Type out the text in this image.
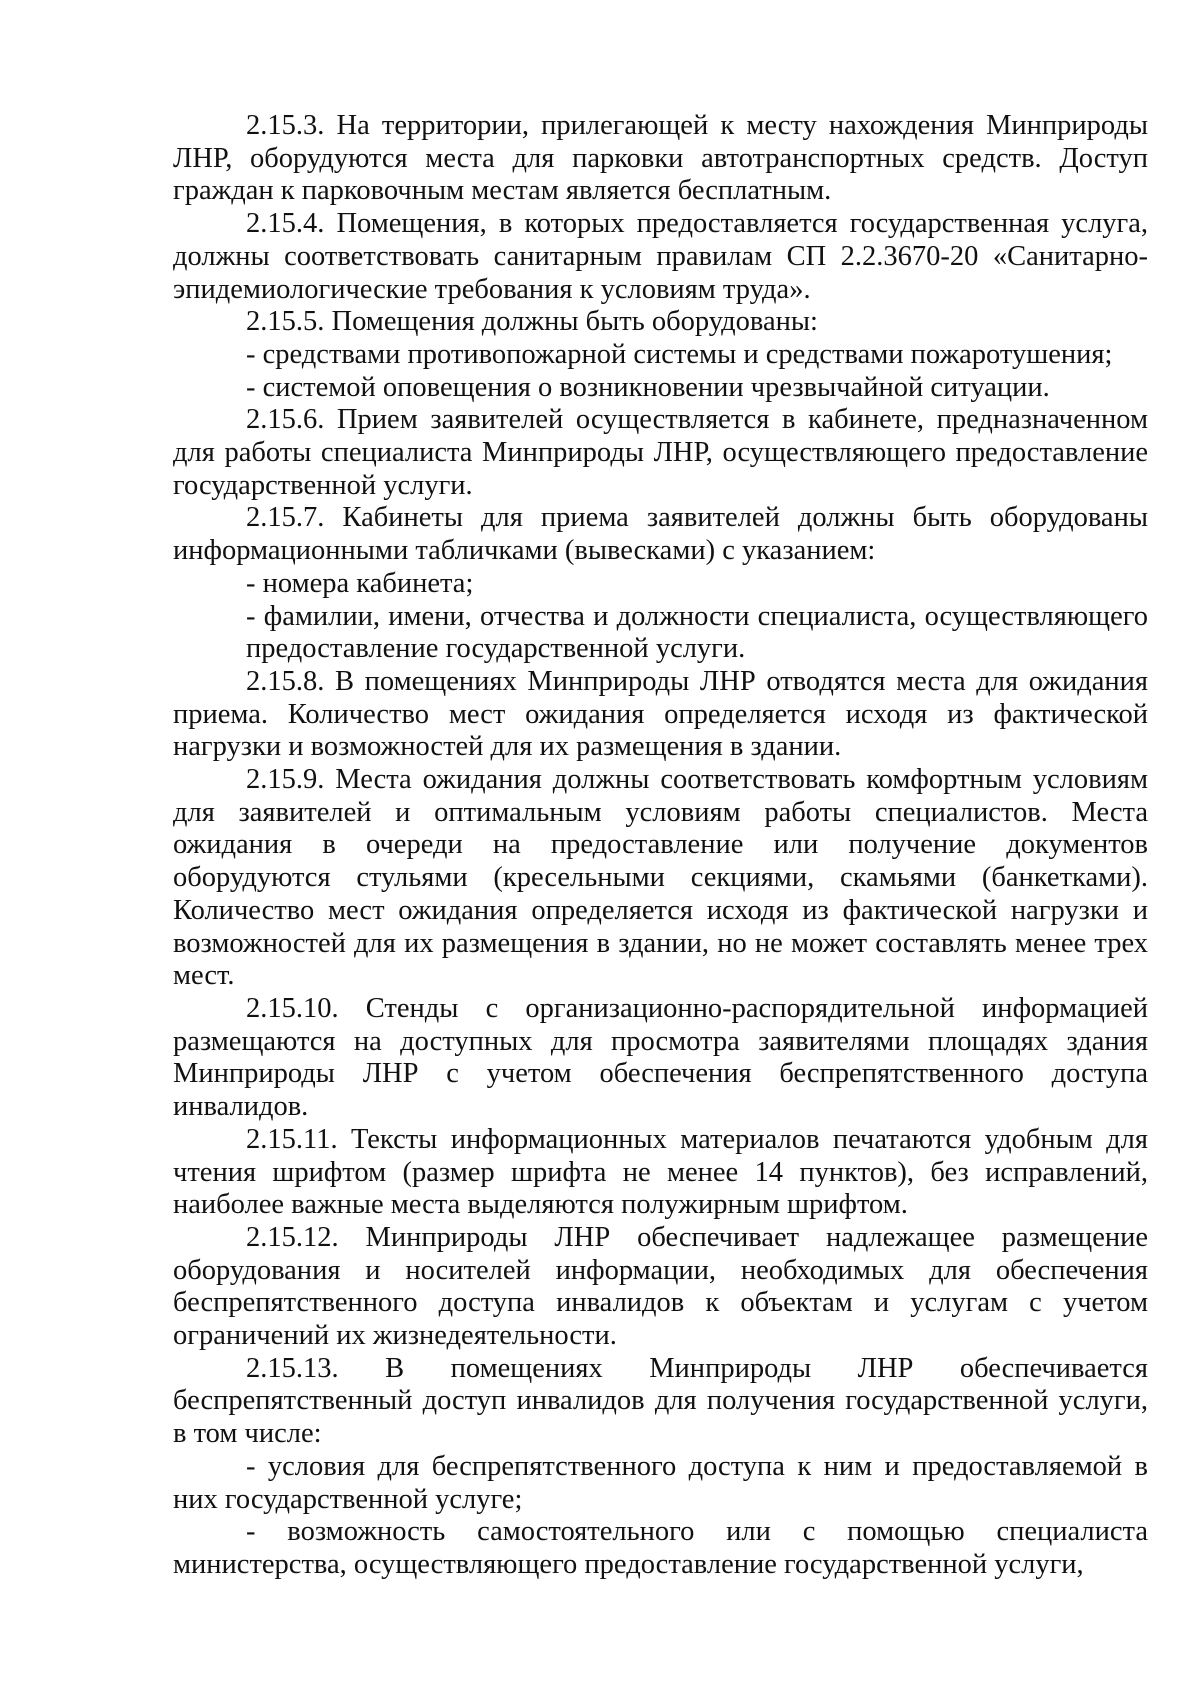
2.15.3. На территории, прилегающей к месту нахождения Минприроды ЛНР, оборудуются места для парковки автотранспортных средств. Доступ граждан к парковочным местам является бесплатным.

2.15.4. Помещения, в которых предоставляется государственная услуга, должны соответствовать санитарным правилам СП 2.2.3670-20 «Санитарно-эпидемиологические требования к условиям труда».

2.15.5. Помещения должны быть оборудованы:

- средствами противопожарной системы и средствами пожаротушения;

- системой оповещения о возникновении чрезвычайной ситуации.

2.15.6. Прием заявителей осуществляется в кабинете, предназначенном для работы специалиста Минприроды ЛНР, осуществляющего предоставление государственной услуги.

2.15.7. Кабинеты для приема заявителей должны быть оборудованы информационными табличками (вывесками) с указанием:

- номера кабинета;

- фамилии, имени, отчества и должности специалиста, осуществляющего предоставление государственной услуги.

2.15.8. В помещениях Минприроды ЛНР отводятся места для ожидания приема. Количество мест ожидания определяется исходя из фактической нагрузки и возможностей для их размещения в здании.

2.15.9. Места ожидания должны соответствовать комфортным условиям для заявителей и оптимальным условиям работы специалистов. Места ожидания в очереди на предоставление или получение документов оборудуются стульями (кресельными секциями, скамьями (банкетками). Количество мест ожидания определяется исходя из фактической нагрузки и возможностей для их размещения в здании, но не может составлять менее трех мест.

2.15.10. Стенды с организационно-распорядительной информацией размещаются на доступных для просмотра заявителями площадях здания Минприроды ЛНР с учетом обеспечения беспрепятственного доступа инвалидов.

2.15.11. Тексты информационных материалов печатаются удобным для чтения шрифтом (размер шрифта не менее 14 пунктов), без исправлений, наиболее важные места выделяются полужирным шрифтом.

2.15.12. Минприроды ЛНР обеспечивает надлежащее размещение оборудования и носителей информации, необходимых для обеспечения беспрепятственного доступа инвалидов к объектам и услугам с учетом ограничений их жизнедеятельности.

2.15.13. В помещениях Минприроды ЛНР обеспечивается беспрепятственный доступ инвалидов для получения государственной услуги, в том числе:

- условия для беспрепятственного доступа к ним и предоставляемой в них государственной услуге;

- возможность самостоятельного или с помощью специалиста министерства, осуществляющего предоставление государственной услуги,
